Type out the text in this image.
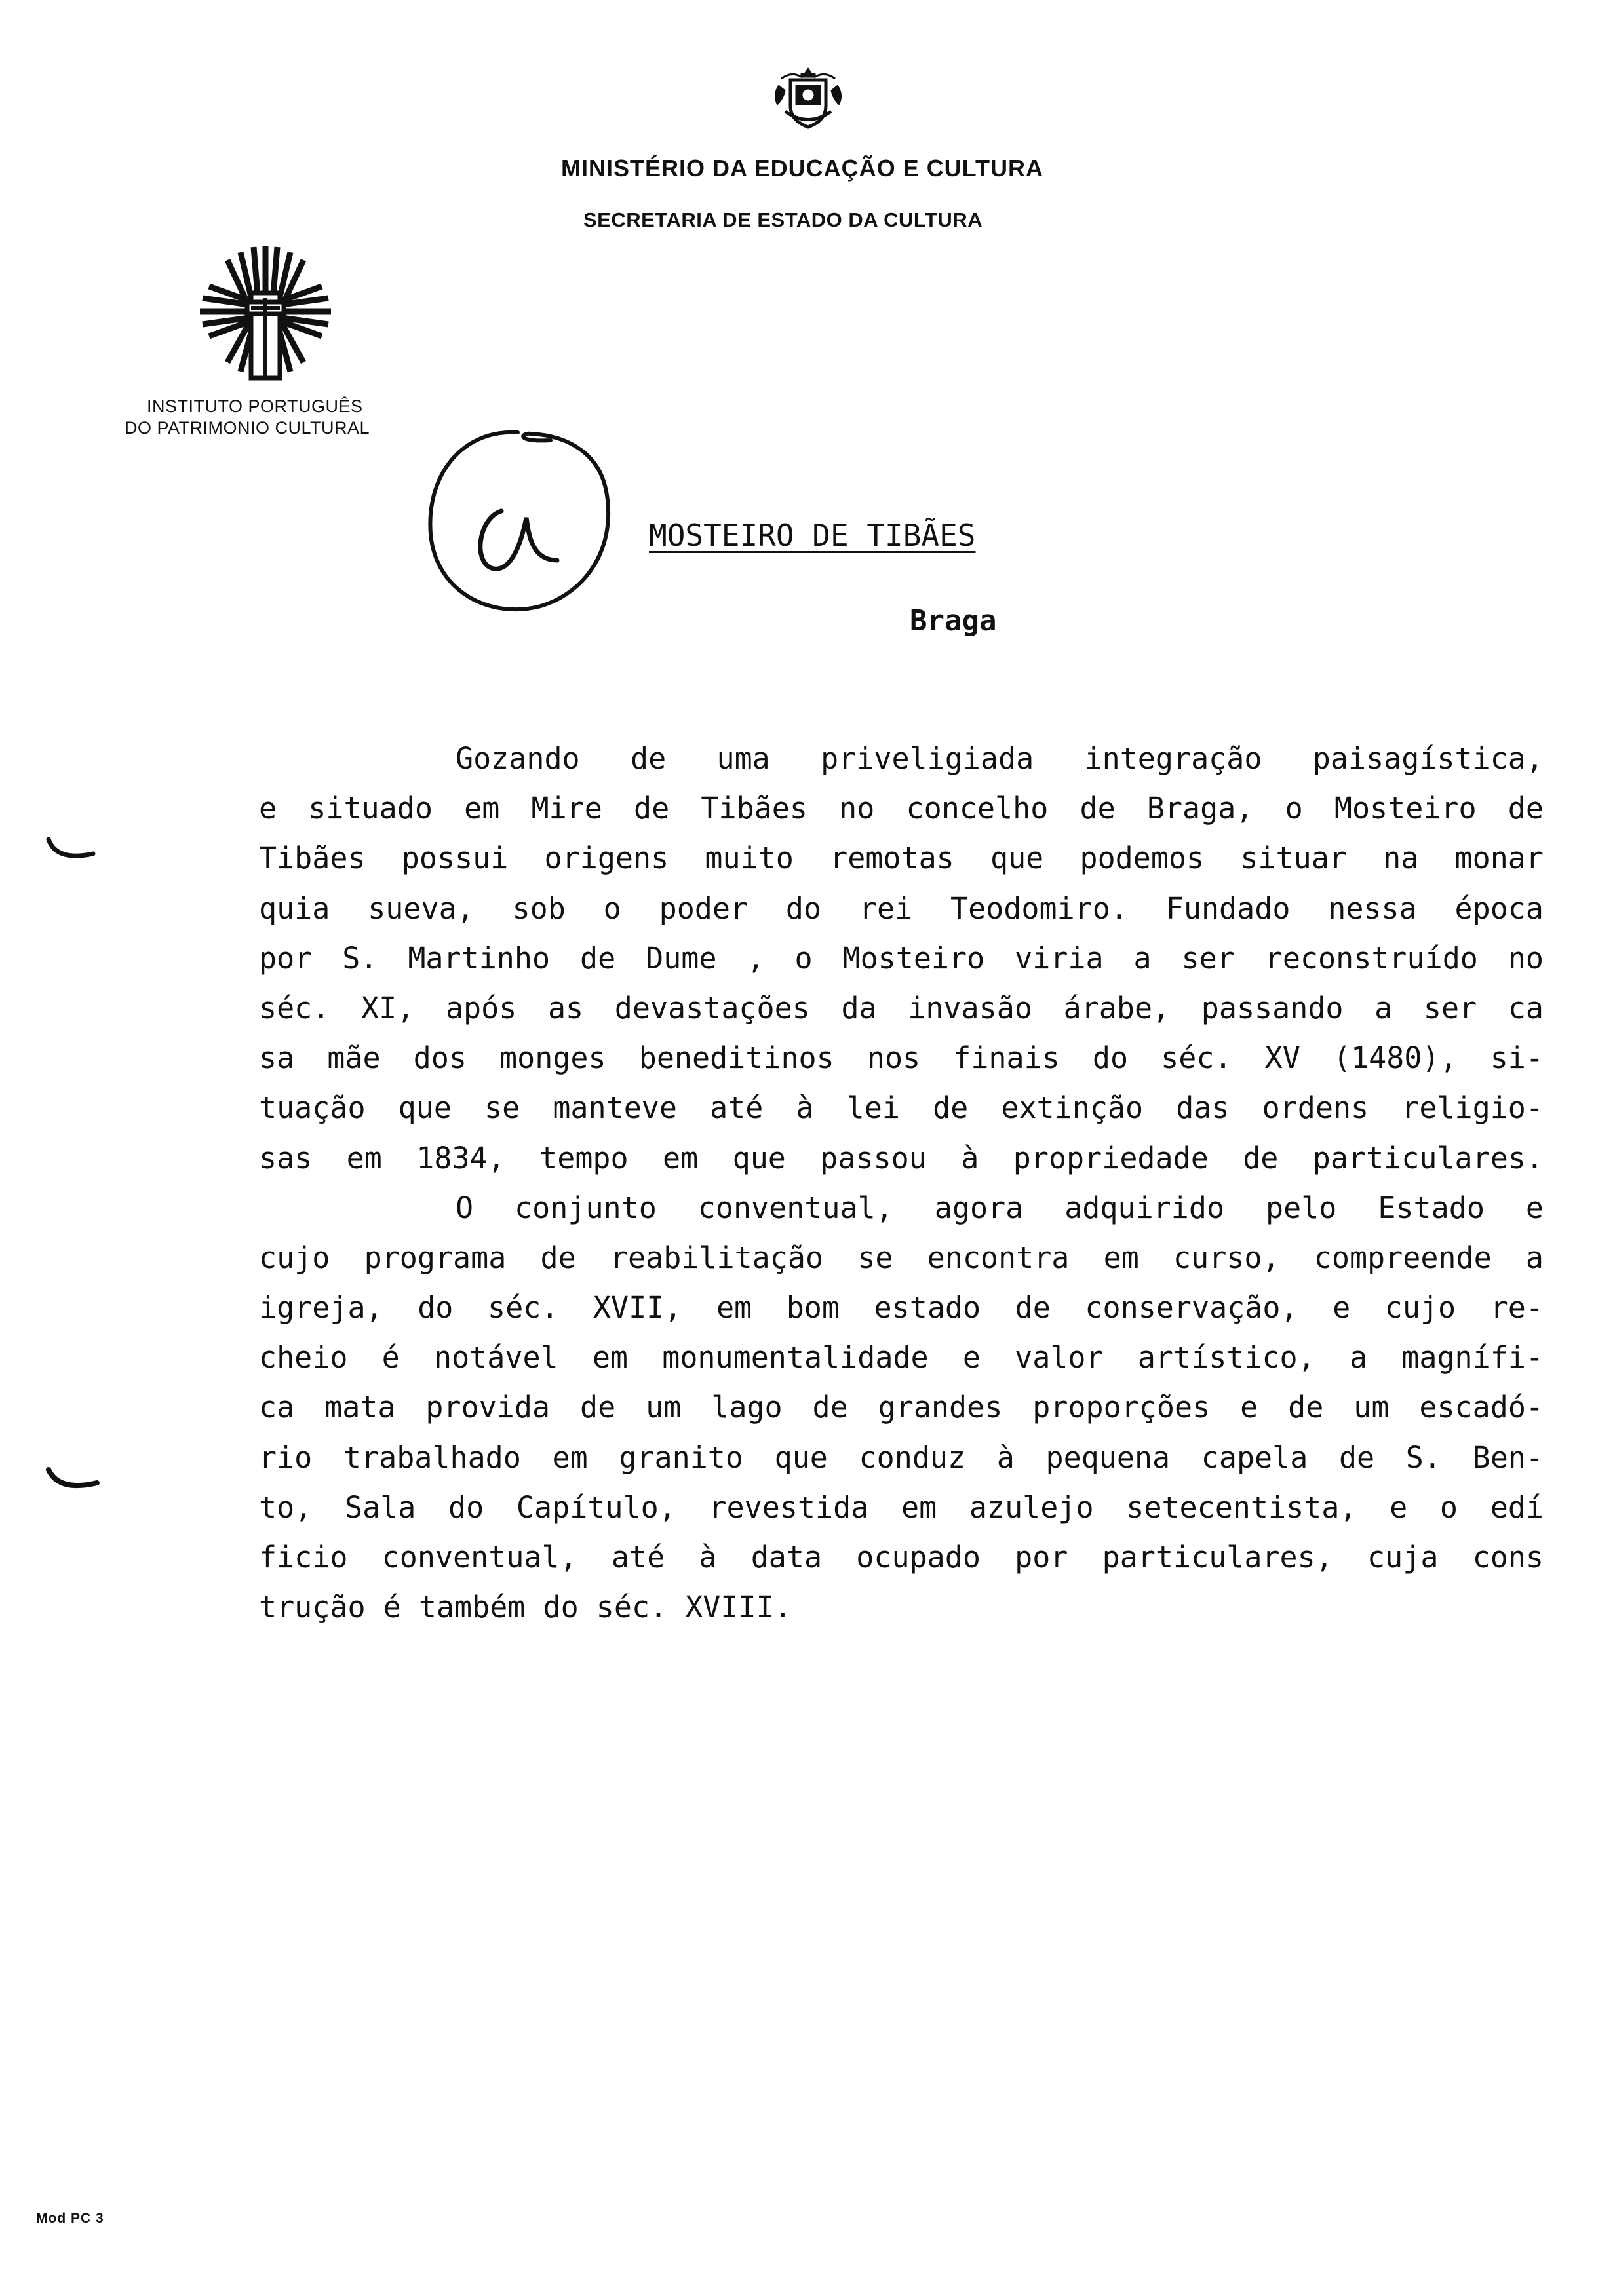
MINISTÉRIO DA EDUCAÇÃO E CULTURA
SECRETARIA DE ESTADO DA CULTURA
INSTITUTO PORTUGUÊS
DO PATRIMONIO CULTURAL
MOSTEIRO DE TIBÃES
Braga
Gozando de uma priveligiada integração paisagística,
e situado em Mire de Tibães no concelho de Braga, o Mosteiro de
Tibães possui origens muito remotas que podemos situar na monar
quia sueva, sob o poder do rei Teodomiro. Fundado nessa época
por S. Martinho de Dume , o Mosteiro viria a ser reconstruído no
séc. XI, após as devastações da invasão árabe, passando a ser ca
sa mãe dos monges beneditinos nos finais do séc. XV (1480), si-
tuação que se manteve até à lei de extinção das ordens religio-
sas em 1834, tempo em que passou à propriedade de particulares.
O conjunto conventual, agora adquirido pelo Estado e
cujo programa de reabilitação se encontra em curso, compreende a
igreja, do séc. XVII, em bom estado de conservação, e cujo re-
cheio é notável em monumentalidade e valor artístico, a magnífi-
ca mata provida de um lago de grandes proporções e de um escadó-
rio trabalhado em granito que conduz à pequena capela de S. Ben-
to, Sala do Capítulo, revestida em azulejo setecentista, e o edí
ficio conventual, até à data ocupado por particulares, cuja cons
trução é também do séc. XVIII.
Mod PC 3
